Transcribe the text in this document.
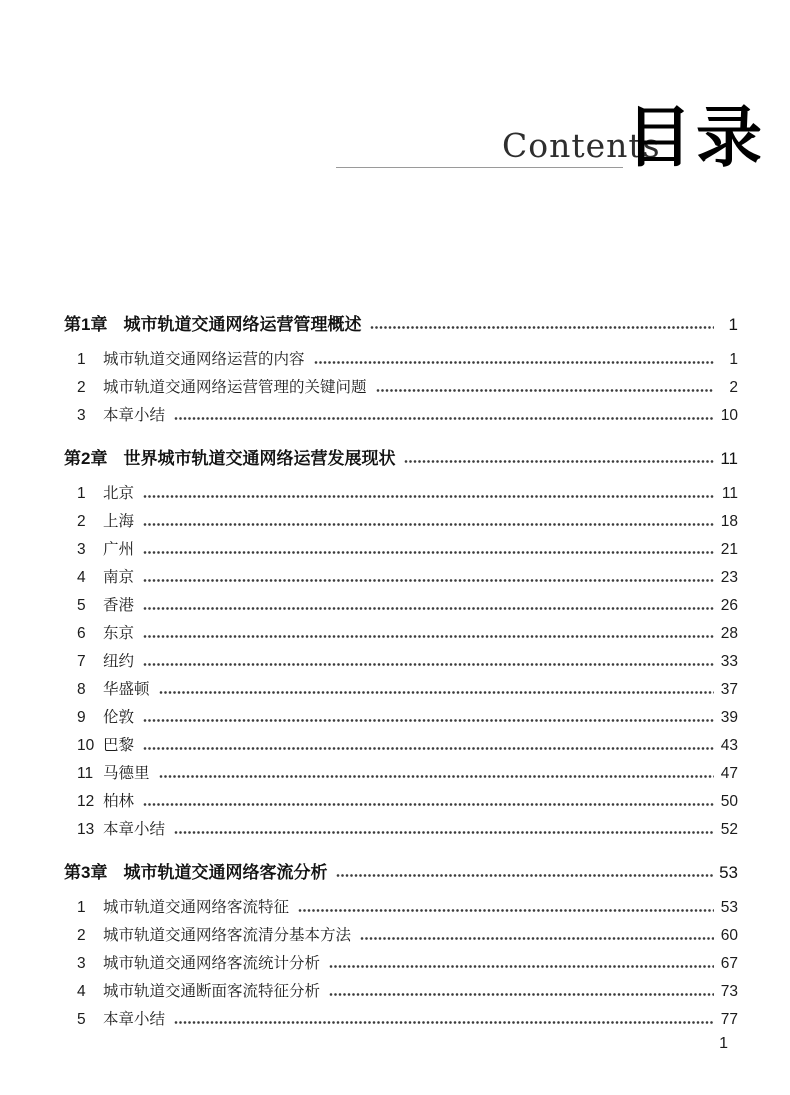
Contents
目录
第1章 城市轨道交通网络运营管理概述	1
1	城市轨道交通网络运营的内容	1
2	城市轨道交通网络运营管理的关键问题	2
3	本章小结	10
第2章 世界城市轨道交通网络运营发展现状	11
1	北京	11
2	上海	18
3	广州	21
4	南京	23
5	香港	26
6	东京	28
7	纽约	33
8	华盛顿	37
9	伦敦	39
10 巴黎	43
11 马德里	47
12 柏林	50
13 本章小结	52
第3章 城市轨道交通网络客流分析	53
1	城市轨道交通网络客流特征	53
2	城市轨道交通网络客流清分基本方法	60
3	城市轨道交通网络客流统计分析	67
4	城市轨道交通断面客流特征分析	73
5	本章小结	77
1
